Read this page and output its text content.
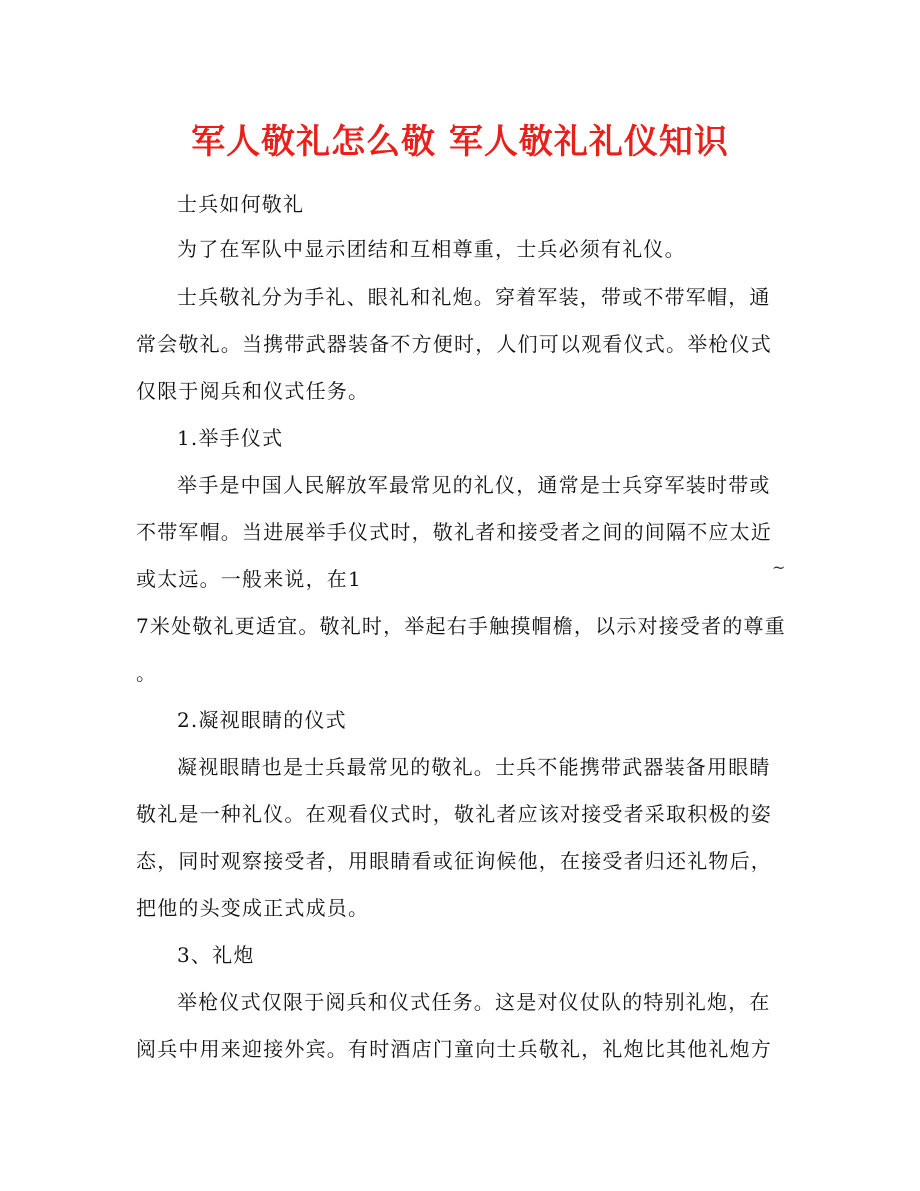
军人敬礼怎么敬 军人敬礼礼仪知识
士兵如何敬礼
为了在军队中显示团结和互相尊重，士兵必须有礼仪。
士兵敬礼分为手礼、眼礼和礼炮。穿着军装，带或不带军帽，通
常会敬礼。当携带武器装备不方便时，人们可以观看仪式。举枪仪式
仅限于阅兵和仪式任务。
1.举手仪式
举手是中国人民解放军最常见的礼仪，通常是士兵穿军装时带或
不带军帽。当进展举手仪式时，敬礼者和接受者之间的间隔不应太近
或太远。一般来说，在1	~
7米处敬礼更适宜。敬礼时，举起右手触摸帽檐，以示对接受者的尊重
。
2.凝视眼睛的仪式
凝视眼睛也是士兵最常见的敬礼。士兵不能携带武器装备用眼睛
敬礼是一种礼仪。在观看仪式时，敬礼者应该对接受者采取积极的姿
态，同时观察接受者，用眼睛看或征询候他，在接受者归还礼物后，
把他的头变成正式成员。
3、礼炮
举枪仪式仅限于阅兵和仪式任务。这是对仪仗队的特别礼炮，在
阅兵中用来迎接外宾。有时酒店门童向士兵敬礼，礼炮比其他礼炮方
